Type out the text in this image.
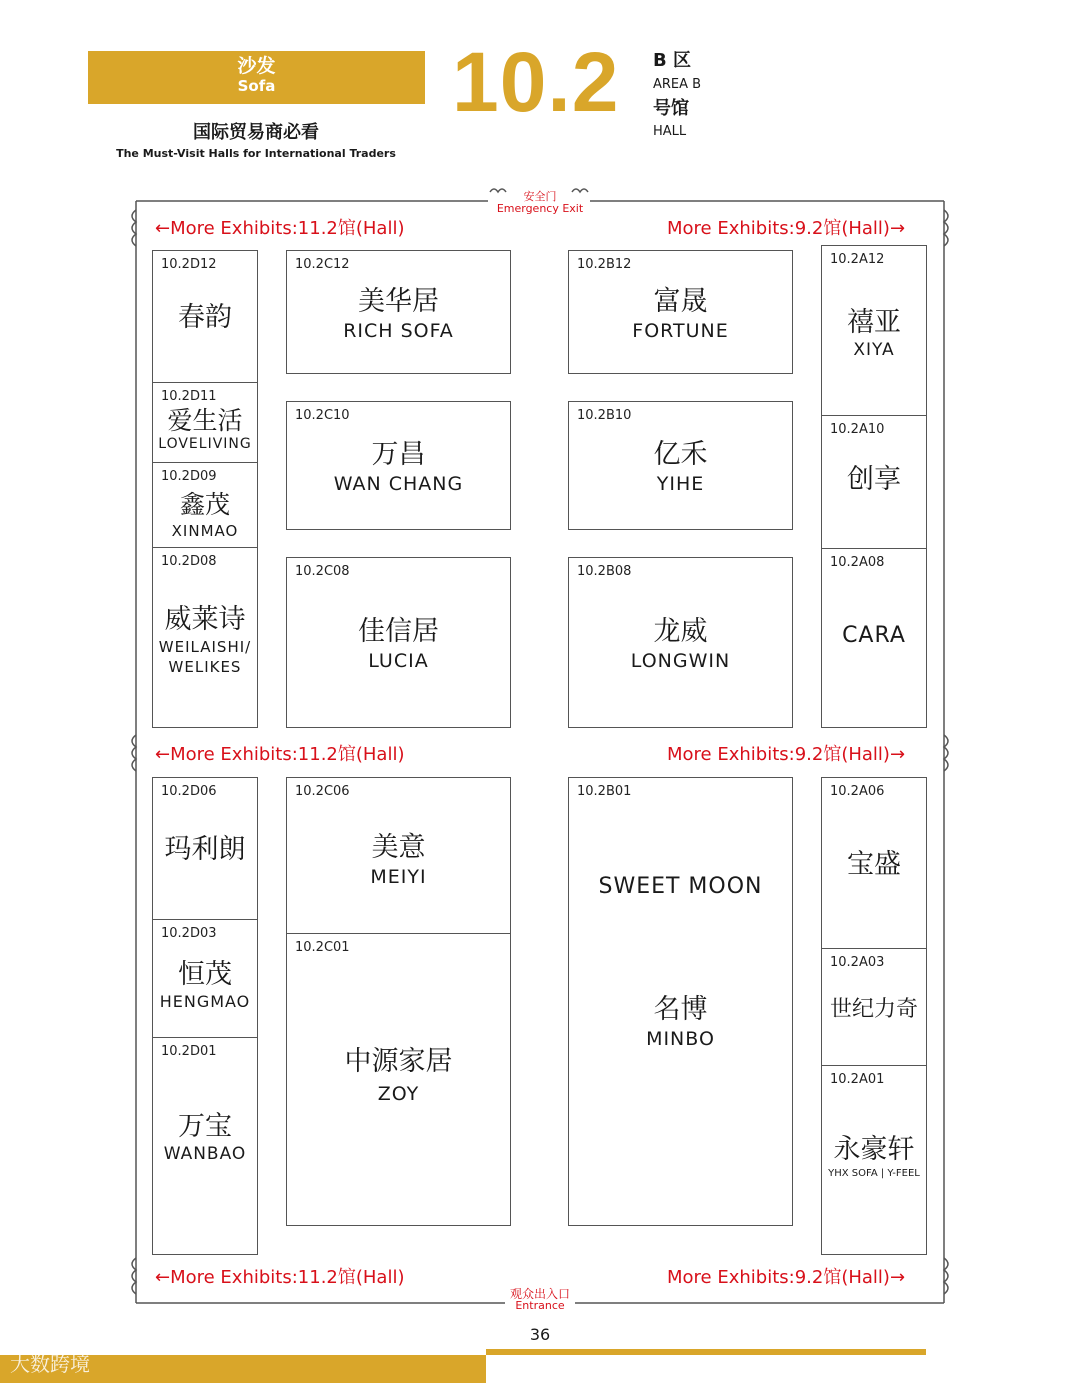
沙发
Sofa	10.2 B 区
AREA B
号馆
HALL
国际贸易商必看
The Must-Visit Halls for International Traders
安全门
Emergency Exit
观众出入口
Entrance
←More Exhibits:11.2馆(Hall)	More Exhibits:9.2馆(Hall)→
←More Exhibits:11.2馆(Hall)	More Exhibits:9.2馆(Hall)→
←More Exhibits:11.2馆(Hall)	More Exhibits:9.2馆(Hall)→
10.2D12
春韵
10.2D11
爱生活
LOVELIVING
10.2D09
鑫茂
XINMAO
10.2D08
威莱诗
WEILAISHI/
WELIKES
10.2D06
玛利朗
10.2D03
恒茂
HENGMAO
10.2D01
万宝
WANBAO
10.2C12
美华居
RICH SOFA
10.2C10
万昌
WAN CHANG
10.2C08
佳信居
LUCIA
10.2C06
美意
MEIYI
10.2C01
中源家居
ZOY
10.2B12
富晟
FORTUNE
10.2B10
亿禾
YIHE
10.2B08
龙威
LONGWIN
10.2B01
SWEET MOON
名博
MINBO
10.2A12
禧亚
XIYA
10.2A10
创享
10.2A08
CARA
10.2A06
宝盛
10.2A03
世纪力奇
10.2A01
永豪轩
YHX SOFA | Y-FEEL
36
大数跨境
